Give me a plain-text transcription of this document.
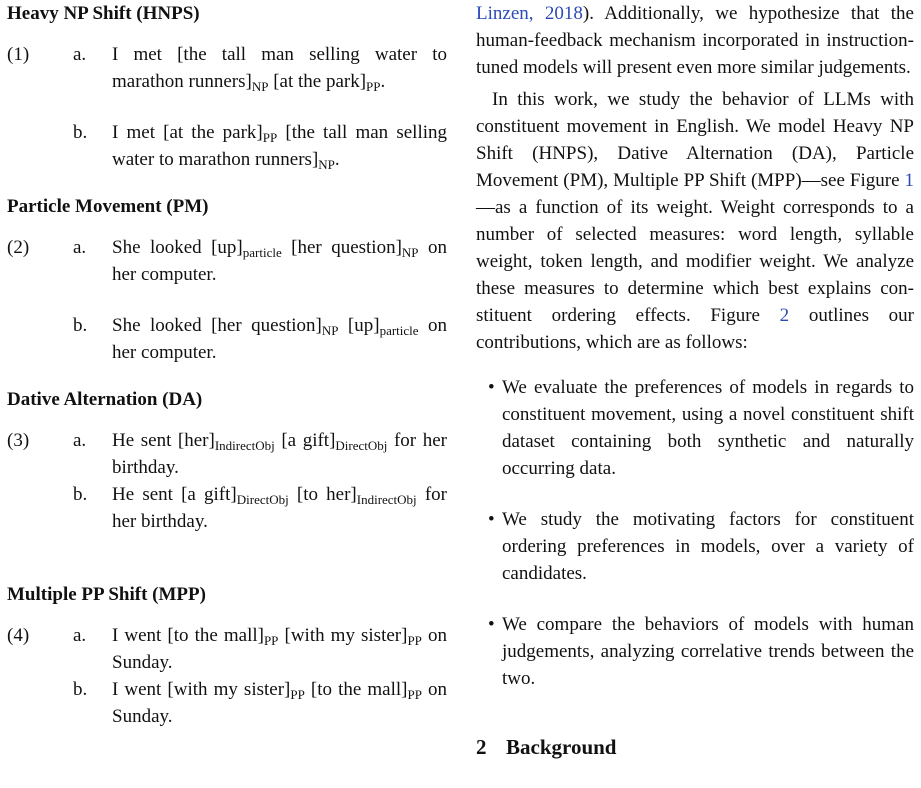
Heavy NP Shift (HNPS)

(1)	a.	I met [the tall man selling water to marathon $runners]_{NP}$ [at the $park]_{PP}$.
b.	I met [at the $park]_{PP}$ [the tall man selling water to marathon $runners]_{NP}$.

Particle Movement (PM)

(2)	a.	She looked $[up]_{particle}$ [her $question]_{NP}$ on her computer.
b.	She looked [her $question]_{NP}$ $[up]_{particle}$ on her computer.

Dative Alternation (DA)

(3)	a.	He sent $[her]_{IndirectObj}$ [a $gift]_{DirectObj}$ for her birthday.
b.	He sent [a $gift]_{DirectObj}$ [to $her]_{IndirectObj}$ for her birthday.

Multiple PP Shift (MPP)

(4)	a.	I went [to the $mall]_{PP}$ [with my $sister]_{PP}$ on Sunday.
b.	I went [with my $sister]_{PP}$ [to the $mall]_{PP}$ on Sunday.

Linzen, 2018). Additionally, we hypothesize that the human-feedback mechanism incorporated in instruction-tuned models will present even more similar judgements.

In this work, we study the behavior of LLMs with constituent movement in English. We model Heavy NP Shift (HNPS), Dative Alternation (DA), Particle Movement (PM), Multiple PP Shift (MPP)—see Figure 1—as a function of its weight. Weight corresponds to a number of selected measures: word length, syllable weight, token length, and modifier weight. We analyze these measures to determine which best explains constituent ordering effects. Figure 2 outlines our contributions, which are as follows:

• We evaluate the preferences of models in regards to constituent movement, using a novel constituent shift dataset containing both synthetic and naturally occurring data.
• We study the motivating factors for constituent ordering preferences in models, over a variety of candidates.
• We compare the behaviors of models with human judgements, analyzing correlative trends between the two.

2 Background
